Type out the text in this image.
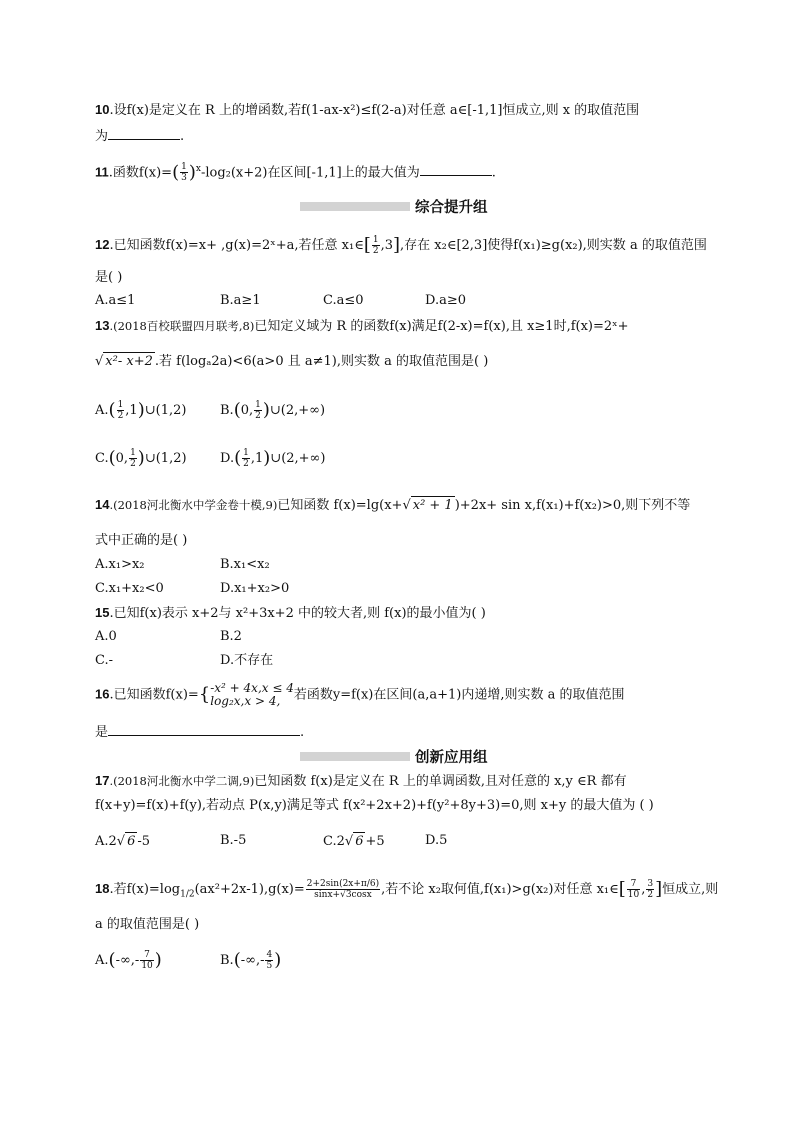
10.设f(x)是定义在 R 上的增函数,若f(1-ax-x²)≤f(2-a)对任意 a∈[-1,1]恒成立,则 x 的取值范围
为	.
11.函数$f(x)=( \frac{1}{3} )^x-\log_2(x+2)$在区间[-1,1]上的最大值为	.
综合提升组
12.已知函数f(x)=x+ ,g(x)=2ˣ+a,若任意 x₁∈[ $\frac{1}{2} ,3$],存在 x₂∈[2,3]使得f(x₁)≥g(x₂),则实数 a 的取值范围
是( )
A.a≤1	B.a≥1	C.a≤0	D.a≥0
13.(2018百校联盟四月联考,8)已知定义域为 R 的函数f(x)满足f(2-x)=f(x),且 x≥1时,f(x)=2ˣ+
√ x²- x+2 .若 f(logₐ2a)<6(a>0 且 a≠1),则实数 a 的取值范围是( )
$A.( \frac{1}{2}$ ,1)∪(1,2)	B.(0, $\frac{1}{2}$ )∪(2,+∞)
C.(0, $\frac{1}{2}$ )∪(1,2)	$D.( \frac{1}{2}$ ,1)∪(2,+∞)
14.(2018河北衡水中学金卷十模,9)已知函数 f(x)=lg(x+√ x² + 1 )+2x+ sin x,f(x₁)+f(x₂)>0,则下列不等
式中正确的是( )
A.x₁>x₂	B.x₁<x₂
C.x₁+x₂<0	D.x₁+x₂>0
15.已知f(x)表示 x+2与 x²+3x+2 中的较大者,则 f(x)的最小值为( )
A.0	B.2
C.-	D.不存在
16.已知函数f(x)={ -x² + 4x,x ≤ 4
log₂x,x > 4,	若函数y=f(x)在区间(a,a+1)内递增,则实数 a 的取值范围
是	.
创新应用组
17.(2018河北衡水中学二调,9)已知函数 f(x)是定义在 R 上的单调函数,且对任意的 x,y ∈R 都有
f(x+y)=f(x)+f(y),若动点 P(x,y)满足等式 f(x²+2x+2)+f(y²+8y+3)=0,则 x+y 的最大值为 ( )
A.2√ 6 -5	B.-5	C.2√ 6 +5	D.5
18.若$f(x)=\log_{1/2}(ax^2+2x-1),g(x)= \frac{2+2\sin(2x+\pi/6)}{\sin x+√3\cos x}$ ,若不论 x₂取何值,f(x₁)>g(x₂)对任意 x₁∈[ $\frac{7}{10}$ , $\frac{3}{2}$ ]恒成立,则
a 的取值范围是( )
$A.(-\infty,- \frac{7}{10}$ )	$B.(-\infty,- \frac{4}{5}$ )
